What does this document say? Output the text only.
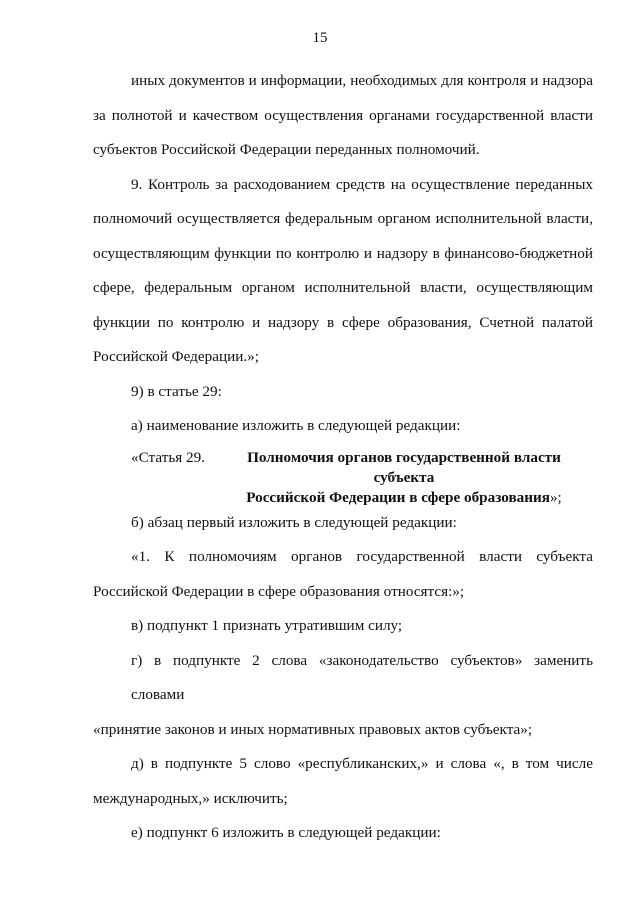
15

иных документов и информации, необходимых для контроля и надзора
за полнотой и качеством осуществления органами государственной власти
субъектов Российской Федерации переданных полномочий.

9. Контроль за расходованием средств на осуществление переданных
полномочий осуществляется федеральным органом исполнительной власти,
осуществляющим функции по контролю и надзору в финансово-бюджетной
сфере, федеральным органом исполнительной власти, осуществляющим
функции по контролю и надзору в сфере образования, Счетной палатой
Российской Федерации.»;

9) в статье 29:

а) наименование изложить в следующей редакции:

«Статья 29.	Полномочия органов государственной власти субъекта
Российской Федерации в сфере образования»;

б) абзац первый изложить в следующей редакции:

«1. К полномочиям органов государственной власти субъекта
Российской Федерации в сфере образования относятся:»;

в) подпункт 1 признать утратившим силу;

г) в подпункте 2 слова «законодательство субъектов» заменить словами
«принятие законов и иных нормативных правовых актов субъекта»;

д) в подпункте 5 слово «республиканских,» и слова «, в том числе
международных,» исключить;

е) подпункт 6 изложить в следующей редакции:
